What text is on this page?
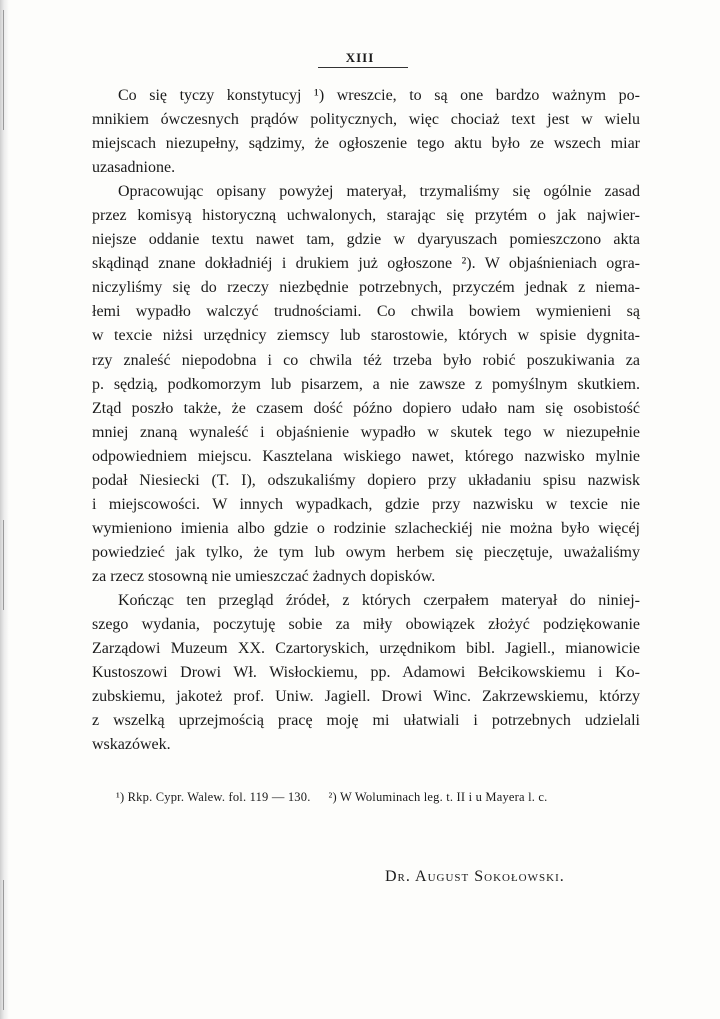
XIII
Co się tyczy konstytucyj ¹) wreszcie, to są one bardzo ważnym po-
mnikiem ówczesnych prądów politycznych, więc chociaż text jest w wielu
miejscach niezupełny, sądzimy, że ogłoszenie tego aktu było ze wszech miar
uzasadnione.
Opracowując opisany powyżej materyał, trzymaliśmy się ogólnie zasad
przez komisyą historyczną uchwalonych, starając się przytém o jak najwier-
niejsze oddanie textu nawet tam, gdzie w dyaryuszach pomieszczono akta
skądinąd znane dokładniéj i drukiem już ogłoszone ²). W objaśnieniach ogra-
niczyliśmy się do rzeczy niezbędnie potrzebnych, przyczém jednak z niema-
łemi wypadło walczyć trudnościami. Co chwila bowiem wymienieni są
w texcie niżsi urzędnicy ziemscy lub starostowie, których w spisie dygnita-
rzy znaleść niepodobna i co chwila téż trzeba było robić poszukiwania za
p. sędzią, podkomorzym lub pisarzem, a nie zawsze z pomyślnym skutkiem.
Ztąd poszło także, że czasem dość późno dopiero udało nam się osobistość
mniej znaną wynaleść i objaśnienie wypadło w skutek tego w niezupełnie
odpowiedniem miejscu. Kasztelana wiskiego nawet, którego nazwisko mylnie
podał Niesiecki (T. I), odszukaliśmy dopiero przy układaniu spisu nazwisk
i miejscowości. W innych wypadkach, gdzie przy nazwisku w texcie nie
wymieniono imienia albo gdzie o rodzinie szlacheckiéj nie można było więcéj
powiedzieć jak tylko, że tym lub owym herbem się pieczętuje, uważaliśmy
za rzecz stosowną nie umieszczać żadnych dopisków.
Kończąc ten przegląd źródeł, z których czerpałem materyał do niniej-
szego wydania, poczytuję sobie za miły obowiązek złożyć podziękowanie
Zarządowi Muzeum XX. Czartoryskich, urzędnikom bibl. Jagiell., mianowicie
Kustoszowi Drowi Wł. Wisłockiemu, pp. Adamowi Bełcikowskiemu i Ko-
zubskiemu, jakoteż prof. Uniw. Jagiell. Drowi Winc. Zakrzewskiemu, którzy
z wszelką uprzejmością pracę moję mi ułatwiali i potrzebnych udzielali
wskazówek.
¹) Rkp. Cypr. Walew. fol. 119 — 130. ²) W Woluminach leg. t. II i u Mayera l. c.
Dr. August Sokołowski.
